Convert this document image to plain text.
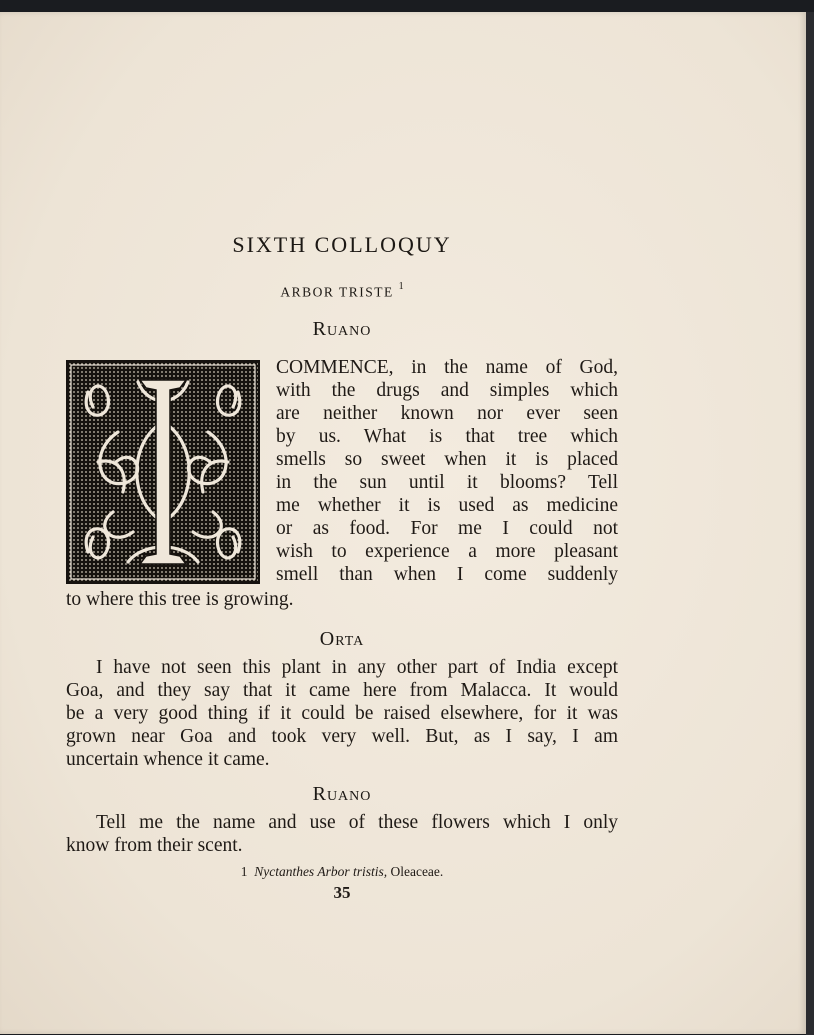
SIXTH COLLOQUY
ARBOR TRISTE $^1$
Ruano
COMMENCE, in the name of God,
with the drugs and simples which
are neither known nor ever seen
by us. What is that tree which
smells so sweet when it is placed
in the sun until it blooms? Tell
me whether it is used as medicine
or as food. For me I could not
wish to experience a more pleasant
smell than when I come suddenly
to where this tree is growing.
Orta
I have not seen this plant in any other part of India except
Goa, and they say that it came here from Malacca. It would
be a very good thing if it could be raised elsewhere, for it was
grown near Goa and took very well. But, as I say, I am
uncertain whence it came.
Ruano
Tell me the name and use of these flowers which I only
know from their scent.
1 Nyctanthes Arbor tristis, Oleaceae.
35
